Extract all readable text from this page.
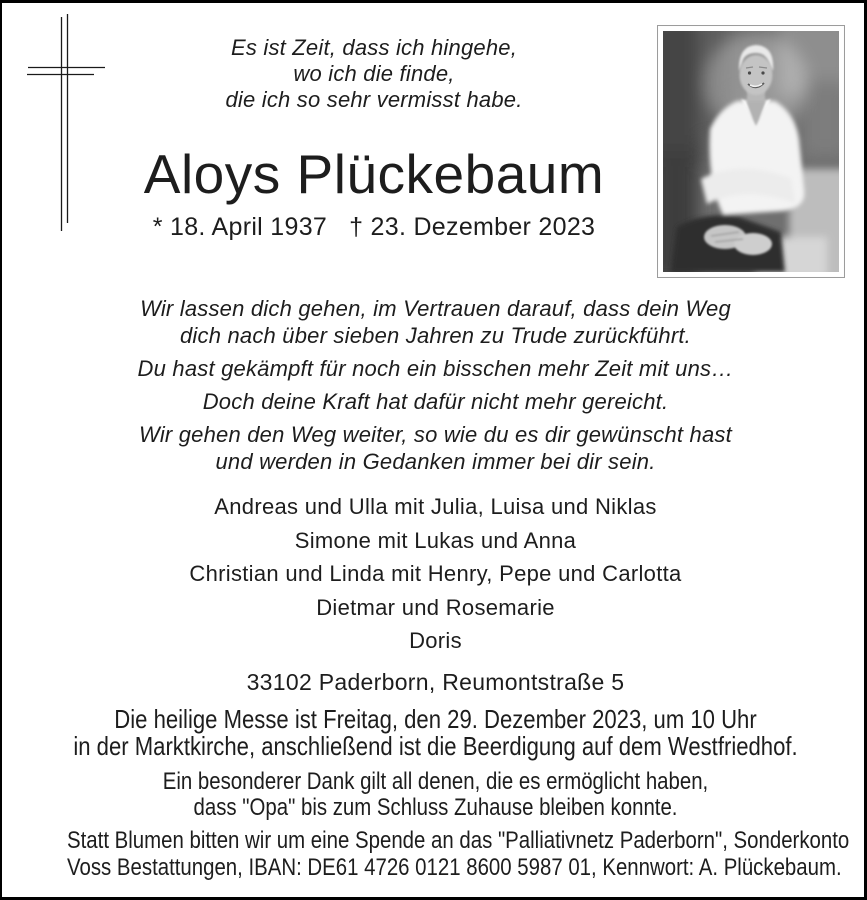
Es ist Zeit, dass ich hingehe,
wo ich die finde,
die ich so sehr vermisst habe.
Aloys Plückebaum
* 18. April 1937 † 23. Dezember 2023
Wir lassen dich gehen, im Vertrauen darauf, dass dein Weg
dich nach über sieben Jahren zu Trude zurückführt.
Du hast gekämpft für noch ein bisschen mehr Zeit mit uns…
Doch deine Kraft hat dafür nicht mehr gereicht.
Wir gehen den Weg weiter, so wie du es dir gewünscht hast
und werden in Gedanken immer bei dir sein.
Andreas und Ulla mit Julia, Luisa und Niklas
Simone mit Lukas und Anna
Christian und Linda mit Henry, Pepe und Carlotta
Dietmar und Rosemarie
Doris
33102 Paderborn, Reumontstraße 5
Die heilige Messe ist Freitag, den 29. Dezember 2023, um 10 Uhr
in der Marktkirche, anschließend ist die Beerdigung auf dem Westfriedhof.
Ein besonderer Dank gilt all denen, die es ermöglicht haben,
dass "Opa" bis zum Schluss Zuhause bleiben konnte.
Statt Blumen bitten wir um eine Spende an das "Palliativnetz Paderborn", Sonderkonto
Voss Bestattungen, IBAN: DE61 4726 0121 8600 5987 01, Kennwort: A. Plückebaum.
